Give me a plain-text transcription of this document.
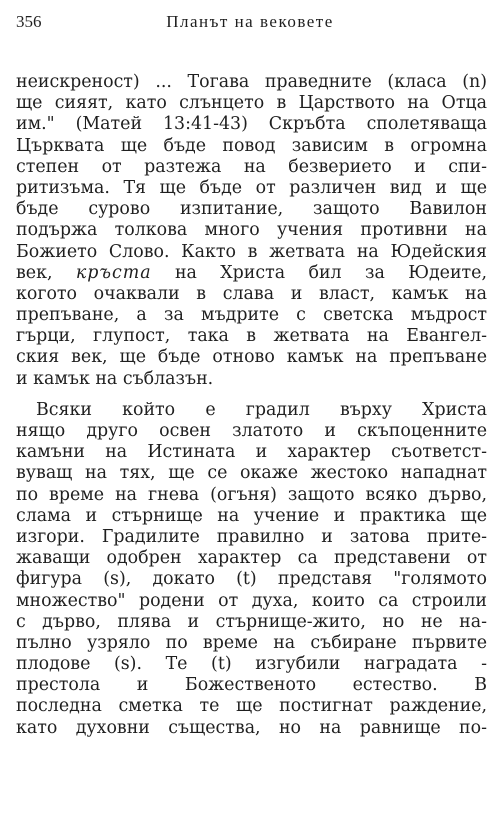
356	Планът на вековете
неискреност) ... Тогава праведните (класа (n)
ще сияят, като слънцето в Царството на Отца
им." (Матей 13:41-43) Скръбта сполетяваща
Църквата ще бъде повод зависим в огромна
степен от разтежа на безверието и спи-
ритизъма. Тя ще бъде от различен вид и ще
бъде сурово изпитание, защото Вавилон
подържа толкова много учения противни на
Божието Слово. Както в жетвата на Юдейския
век, кръста на Христа бил за Юдеите,
когото очаквали в слава и власт, камък на
препъване, а за мъдрите с светска мъдрост
гърци, глупост, така в жетвата на Евангел-
ския век, ще бъде отново камък на препъване
и камък на съблазън.
Всяки който е градил върху Христа
нящо друго освен златото и скъпоценните
камъни на Истината и характер съответст-
вуващ на тях, ще се окаже жестоко нападнат
по време на гнева (огъня) защото всяко дърво,
слама и стърнище на учение и практика ще
изгори. Градилите правилно и затова прите-
жаващи одобрен характер са представени от
фигура (s), докато (t) представя "голямото
множество" родени от духа, които са строили
с дърво, плява и стърнище-жито, но не на-
пълно узряло по време на събиране първите
плодове (s). Те (t) изгубили наградата -
престола и Божественото естество. В
последна сметка те ще постигнат раждение,
като духовни същества, но на равнище по-
